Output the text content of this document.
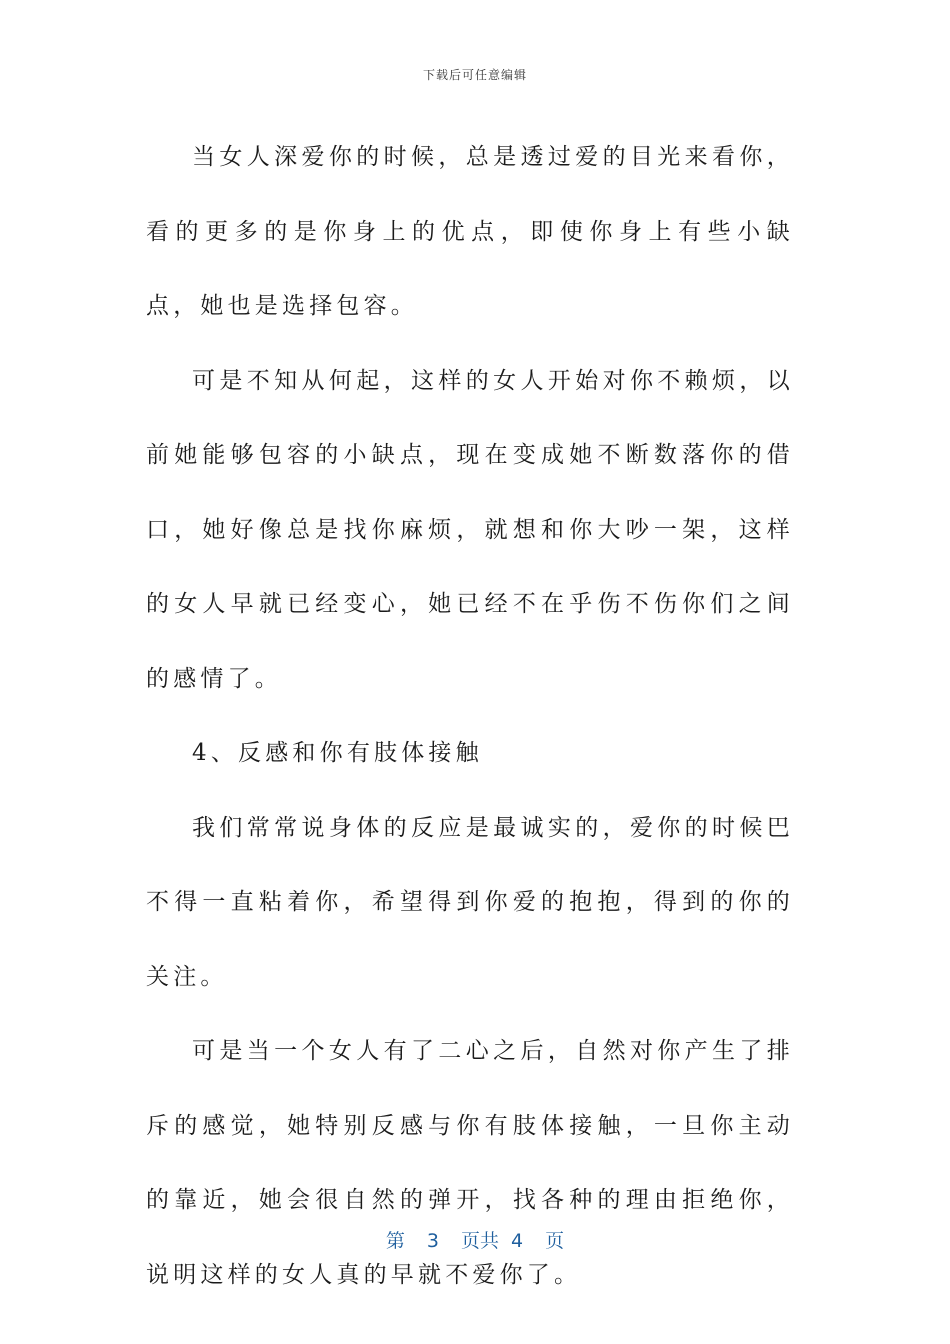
下载后可任意编辑

当女人深爱你的时候，总是透过爱的目光来看你，看的更多的是你身上的优点，即使你身上有些小缺点，她也是选择包容。

可是不知从何起，这样的女人开始对你不赖烦，以前她能够包容的小缺点，现在变成她不断数落你的借口，她好像总是找你麻烦，就想和你大吵一架，这样的女人早就已经变心，她已经不在乎伤不伤你们之间的感情了。

4、反感和你有肢体接触

我们常常说身体的反应是最诚实的，爱你的时候巴不得一直粘着你，希望得到你爱的抱抱，得到的你的关注。

可是当一个女人有了二心之后，自然对你产生了排斥的感觉，她特别反感与你有肢体接触，一旦你主动的靠近，她会很自然的弹开，找各种的理由拒绝你，说明这样的女人真的早就不爱你了。

第 3 页共 4 页
